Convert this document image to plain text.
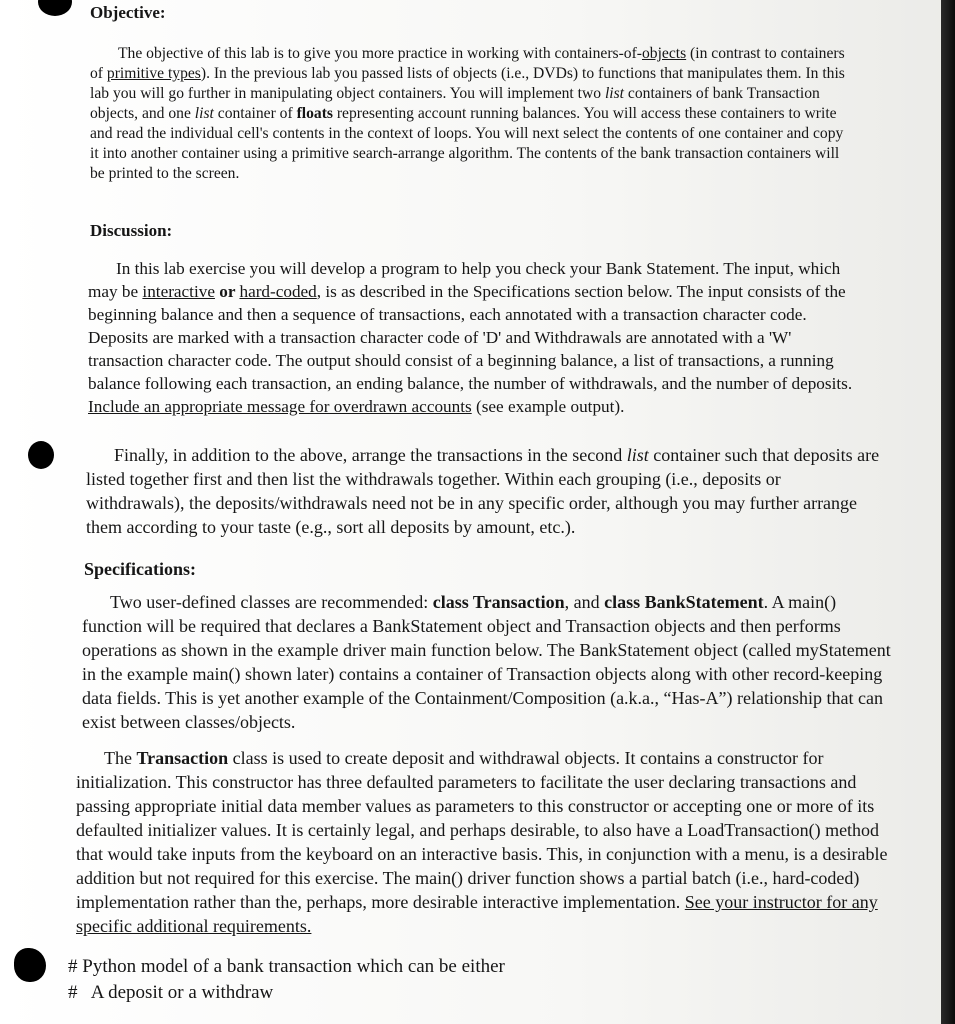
Objective:

The objective of this lab is to give you more practice in working with containers-of-objects (in contrast to containers of primitive types). In the previous lab you passed lists of objects (i.e., DVDs) to functions that manipulates them. In this lab you will go further in manipulating object containers. You will implement two list containers of bank Transaction objects, and one list container of floats representing account running balances. You will access these containers to write and read the individual cell's contents in the context of loops. You will next select the contents of one container and copy it into another container using a primitive search-arrange algorithm. The contents of the bank transaction containers will be printed to the screen.

Discussion:

In this lab exercise you will develop a program to help you check your Bank Statement. The input, which may be interactive or hard-coded, is as described in the Specifications section below. The input consists of the beginning balance and then a sequence of transactions, each annotated with a transaction character code. Deposits are marked with a transaction character code of 'D' and Withdrawals are annotated with a 'W' transaction character code. The output should consist of a beginning balance, a list of transactions, a running balance following each transaction, an ending balance, the number of withdrawals, and the number of deposits. Include an appropriate message for overdrawn accounts (see example output).

Finally, in addition to the above, arrange the transactions in the second list container such that deposits are listed together first and then list the withdrawals together. Within each grouping (i.e., deposits or withdrawals), the deposits/withdrawals need not be in any specific order, although you may further arrange them according to your taste (e.g., sort all deposits by amount, etc.).

Specifications:

Two user-defined classes are recommended: class Transaction, and class BankStatement. A main() function will be required that declares a BankStatement object and Transaction objects and then performs operations as shown in the example driver main function below. The BankStatement object (called myStatement in the example main() shown later) contains a container of Transaction objects along with other record-keeping data fields. This is yet another example of the Containment/Composition (a.k.a., “Has-A”) relationship that can exist between classes/objects.

The Transaction class is used to create deposit and withdrawal objects. It contains a constructor for initialization. This constructor has three defaulted parameters to facilitate the user declaring transactions and passing appropriate initial data member values as parameters to this constructor or accepting one or more of its defaulted initializer values. It is certainly legal, and perhaps desirable, to also have a LoadTransaction() method that would take inputs from the keyboard on an interactive basis. This, in conjunction with a menu, is a desirable addition but not required for this exercise. The main() driver function shows a partial batch (i.e., hard-coded) implementation rather than the, perhaps, more desirable interactive implementation. See your instructor for any specific additional requirements.

# Python model of a bank transaction which can be either

#   A deposit or a withdraw
